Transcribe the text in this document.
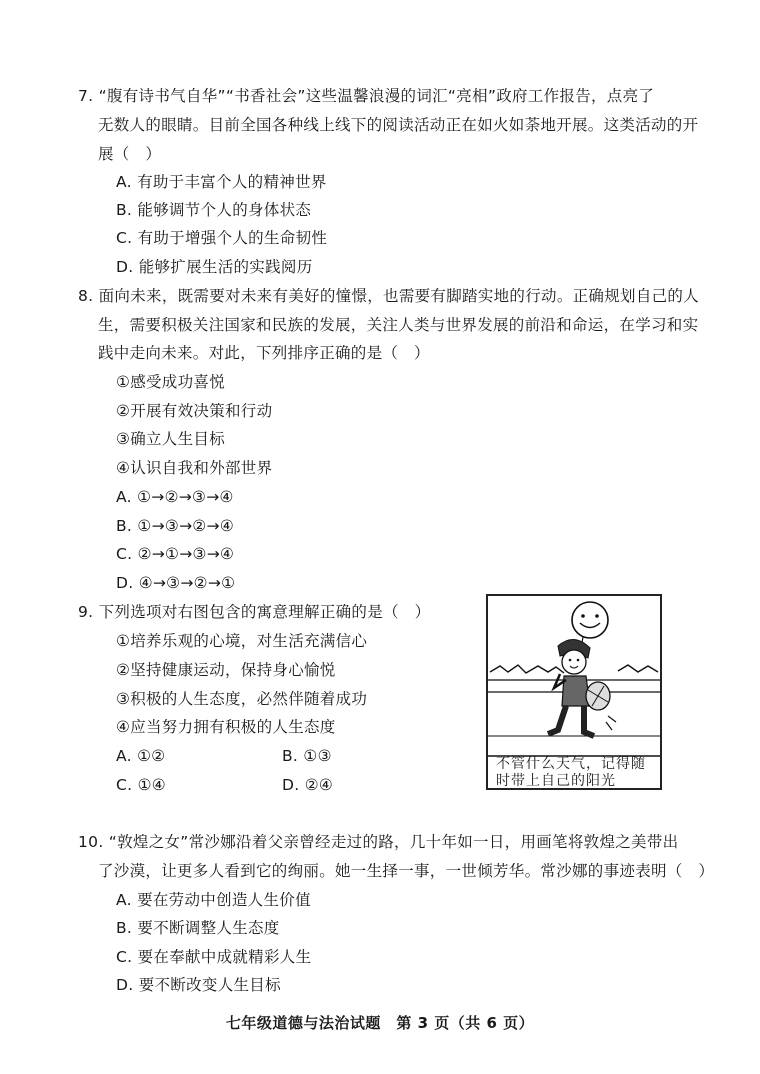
7. “腹有诗书气自华”“书香社会”这些温馨浪漫的词汇“亮相”政府工作报告，点亮了
无数人的眼睛。目前全国各种线上线下的阅读活动正在如火如荼地开展。这类活动的开
展（　）
A. 有助于丰富个人的精神世界
B. 能够调节个人的身体状态
C. 有助于增强个人的生命韧性
D. 能够扩展生活的实践阅历
8. 面向未来，既需要对未来有美好的憧憬，也需要有脚踏实地的行动。正确规划自己的人
生，需要积极关注国家和民族的发展，关注人类与世界发展的前沿和命运，在学习和实
践中走向未来。对此，下列排序正确的是（　）
①感受成功喜悦
②开展有效决策和行动
③确立人生目标
④认识自我和外部世界
A. ①→②→③→④
B. ①→③→②→④
C. ②→①→③→④
D. ④→③→②→①
9. 下列选项对右图包含的寓意理解正确的是（　）
①培养乐观的心境，对生活充满信心
②坚持健康运动，保持身心愉悦
③积极的人生态度，必然伴随着成功
④应当努力拥有积极的人生态度
A. ①②	B. ①③
C. ①④	D. ②④
不管什么天气，记得随时带上自己的阳光
10. “敦煌之女”常沙娜沿着父亲曾经走过的路，几十年如一日，用画笔将敦煌之美带出
了沙漠，让更多人看到它的绚丽。她一生择一事，一世倾芳华。常沙娜的事迹表明（　）
A. 要在劳动中创造人生价值
B. 要不断调整人生态度
C. 要在奉献中成就精彩人生
D. 要不断改变人生目标
七年级道德与法治试题　第 3 页（共 6 页）
